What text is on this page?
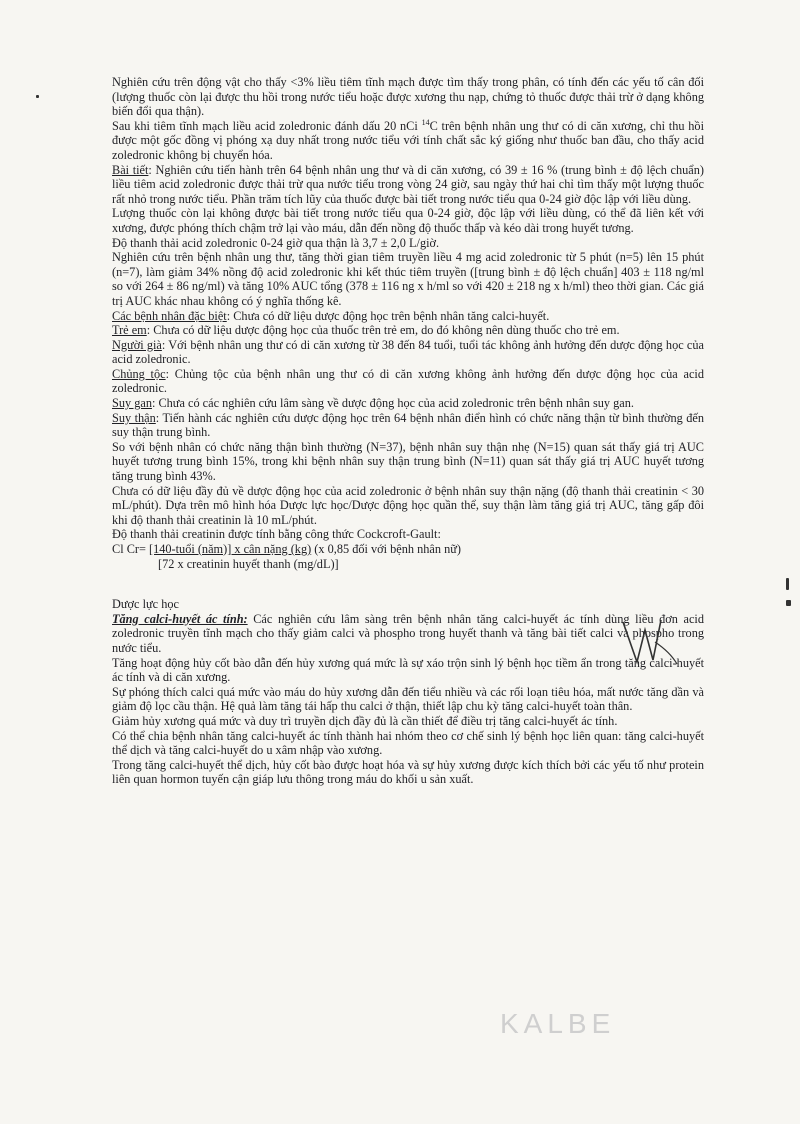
Nghiên cứu trên động vật cho thấy <3% liều tiêm tĩnh mạch được tìm thấy trong phân, có tính đến các yếu tố cân đối (lượng thuốc còn lại được thu hồi trong nước tiểu hoặc được xương thu nạp, chứng tỏ thuốc được thải trừ ở dạng không biến đổi qua thận).

Sau khi tiêm tĩnh mạch liều acid zoledronic đánh dấu 20 nCi $^{14}$C trên bệnh nhân ung thư có di căn xương, chỉ thu hồi được một gốc đồng vị phóng xạ duy nhất trong nước tiểu với tính chất sắc ký giống như thuốc ban đầu, cho thấy acid zoledronic không bị chuyển hóa.

Bài tiết: Nghiên cứu tiến hành trên 64 bệnh nhân ung thư và di căn xương, có 39 ± 16 % (trung bình ± độ lệch chuẩn) liều tiêm acid zoledronic được thải trừ qua nước tiểu trong vòng 24 giờ, sau ngày thứ hai chỉ tìm thấy một lượng thuốc rất nhỏ trong nước tiểu. Phần trăm tích lũy của thuốc được bài tiết trong nước tiểu qua 0-24 giờ độc lập với liều dùng.

Lượng thuốc còn lại không được bài tiết trong nước tiểu qua 0-24 giờ, độc lập với liều dùng, có thể đã liên kết với xương, được phóng thích chậm trở lại vào máu, dẫn đến nồng độ thuốc thấp và kéo dài trong huyết tương.

Độ thanh thải acid zoledronic 0-24 giờ qua thận là 3,7 ± 2,0 L/giờ.

Nghiên cứu trên bệnh nhân ung thư, tăng thời gian tiêm truyền liều 4 mg acid zoledronic từ 5 phút (n=5) lên 15 phút (n=7), làm giảm 34% nồng độ acid zoledronic khi kết thúc tiêm truyền ([trung bình ± độ lệch chuẩn] 403 ± 118 ng/ml so với 264 ± 86 ng/ml) và tăng 10% AUC tổng (378 ± 116 ng x h/ml so với 420 ± 218 ng x h/ml) theo thời gian. Các giá trị AUC khác nhau không có ý nghĩa thống kê.

Các bệnh nhân đặc biệt: Chưa có dữ liệu dược động học trên bệnh nhân tăng calci-huyết.

Trẻ em: Chưa có dữ liệu dược động học của thuốc trên trẻ em, do đó không nên dùng thuốc cho trẻ em.

Người già: Với bệnh nhân ung thư có di căn xương từ 38 đến 84 tuổi, tuổi tác không ảnh hưởng đến dược động học của acid zoledronic.

Chủng tộc: Chủng tộc của bệnh nhân ung thư có di căn xương không ảnh hưởng đến dược động học của acid zoledronic.

Suy gan: Chưa có các nghiên cứu lâm sàng về dược động học của acid zoledronic trên bệnh nhân suy gan.

Suy thận: Tiến hành các nghiên cứu dược động học trên 64 bệnh nhân điển hình có chức năng thận từ bình thường đến suy thận trung bình.

So với bệnh nhân có chức năng thận bình thường (N=37), bệnh nhân suy thận nhẹ (N=15) quan sát thấy giá trị AUC huyết tương trung bình 15%, trong khi bệnh nhân suy thận trung bình (N=11) quan sát thấy giá trị AUC huyết tương tăng trung bình 43%.

Chưa có dữ liệu đầy đủ về dược động học của acid zoledronic ở bệnh nhân suy thận nặng (độ thanh thải creatinin < 30 mL/phút). Dựa trên mô hình hóa Dược lực học/Dược động học quần thể, suy thận làm tăng giá trị AUC, tăng gấp đôi khi độ thanh thải creatinin là 10 mL/phút.

Độ thanh thải creatinin được tính bằng công thức Cockcroft-Gault:

Cl Cr= [140-tuổi (năm)] x cân nặng (kg) (x 0,85 đối với bệnh nhân nữ)
[72 x creatinin huyết thanh (mg/dL)]

Dược lực học

Tăng calci-huyết ác tính: Các nghiên cứu lâm sàng trên bệnh nhân tăng calci-huyết ác tính dùng liều đơn acid zoledronic truyền tĩnh mạch cho thấy giảm calci và phospho trong huyết thanh và tăng bài tiết calci và phospho trong nước tiểu.

Tăng hoạt động hủy cốt bào dẫn đến hủy xương quá mức là sự xáo trộn sinh lý bệnh học tiềm ẩn trong tăng calci-huyết ác tính và di căn xương.

Sự phóng thích calci quá mức vào máu do hủy xương dẫn đến tiểu nhiều và các rối loạn tiêu hóa, mất nước tăng dần và giảm độ lọc cầu thận. Hệ quả làm tăng tái hấp thu calci ở thận, thiết lập chu kỳ tăng calci-huyết toàn thân.

Giảm hủy xương quá mức và duy trì truyền dịch đầy đủ là cần thiết để điều trị tăng calci-huyết ác tính.

Có thể chia bệnh nhân tăng calci-huyết ác tính thành hai nhóm theo cơ chế sinh lý bệnh học liên quan: tăng calci-huyết thể dịch và tăng calci-huyết do u xâm nhập vào xương.

Trong tăng calci-huyết thể dịch, hủy cốt bào được hoạt hóa và sự hủy xương được kích thích bởi các yếu tố như protein liên quan hormon tuyến cận giáp lưu thông trong máu do khối u sản xuất.

KALBE
